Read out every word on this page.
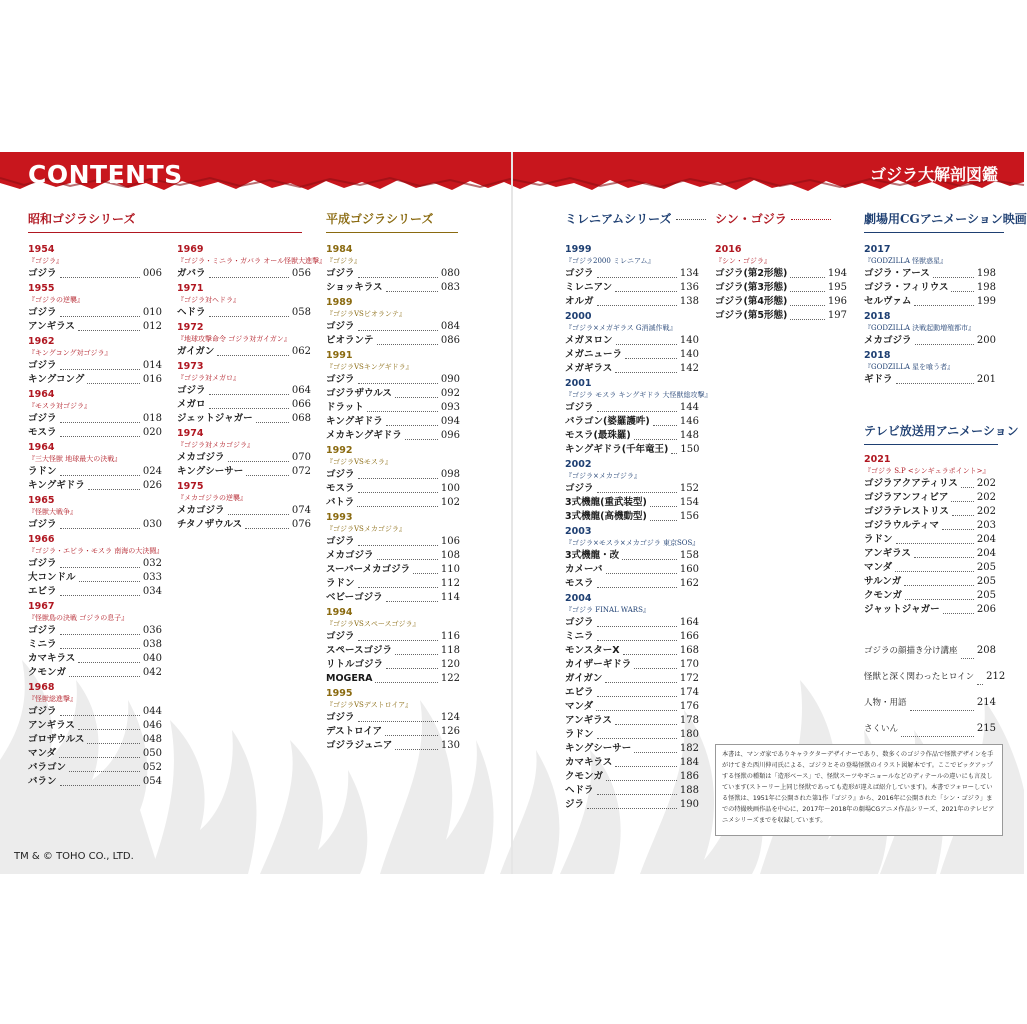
CONTENTS	ゴジラ大解剖図鑑
昭和ゴジラシリーズ	平成ゴジラシリーズ	ミレニアムシリーズ	シン・ゴジラ	劇場用CGアニメーション映画
テレビ放送用アニメーション
1954
『ゴジラ』
ゴジラ	006
1955
『ゴジラの逆襲』
ゴジラ	010
アンギラス	012
1962
『キングコング対ゴジラ』
ゴジラ	014
キングコング	016
1964
『モスラ対ゴジラ』
ゴジラ	018
モスラ	020
1964
『三大怪獣 地球最大の決戦』
ラドン	024
キングギドラ	026
1965
『怪獣大戦争』
ゴジラ	030
1966
『ゴジラ・エビラ・モスラ 南海の大決闘』
ゴジラ	032
大コンドル	033
エビラ	034
1967
『怪獣島の決戦 ゴジラの息子』
ゴジラ	036
ミニラ	038
カマキラス	040
クモンガ	042
1968
『怪獣総進撃』
ゴジラ	044
アンギラス	046
ゴロザウルス	048
マンダ	050
バラゴン	052
バラン	054
1969
『ゴジラ・ミニラ・ガバラ オール怪獣大進撃』
ガバラ	056
1971
『ゴジラ対ヘドラ』
ヘドラ	058
1972
『地球攻撃命令 ゴジラ対ガイガン』
ガイガン	062
1973
『ゴジラ対メガロ』
ゴジラ	064
メガロ	066
ジェットジャガー	068
1974
『ゴジラ対メカゴジラ』
メカゴジラ	070
キングシーサー	072
1975
『メカゴジラの逆襲』
メカゴジラ	074
チタノザウルス	076
1984
『ゴジラ』
ゴジラ	080
ショッキラス	083
1989
『ゴジラVSビオランテ』
ゴジラ	084
ビオランテ	086
1991
『ゴジラVSキングギドラ』
ゴジラ	090
ゴジラザウルス	092
ドラット	093
キングギドラ	094
メカキングギドラ	096
1992
『ゴジラVSモスラ』
ゴジラ	098
モスラ	100
バトラ	102
1993
『ゴジラVSメカゴジラ』
ゴジラ	106
メカゴジラ	108
スーパーメカゴジラ	110
ラドン	112
ベビーゴジラ	114
1994
『ゴジラVSスペースゴジラ』
ゴジラ	116
スペースゴジラ	118
リトルゴジラ	120
MOGERA	122
1995
『ゴジラVSデストロイア』
ゴジラ	124
デストロイア	126
ゴジラジュニア	130
1999
『ゴジラ2000 ミレニアム』
ゴジラ	134
ミレニアン	136
オルガ	138
2000
『ゴジラ×メガギラス G消滅作戦』
メガヌロン	140
メガニューラ	140
メガギラス	142
2001
『ゴジラ モスラ キングギドラ 大怪獣総攻撃』
ゴジラ	144
バラゴン(婆羅護吽)	146
モスラ(最珠羅)	148
キングギドラ(千年竜王) 150
2002
『ゴジラ×メカゴジラ』
ゴジラ	152
3式機龍(重武装型)	154
3式機龍(高機動型)	156
2003
『ゴジラ×モスラ×メカゴジラ 東京SOS』
3式機龍・改	158
カメーバ	160
モスラ	162
2004
『ゴジラ FINAL WARS』
ゴジラ	164
ミニラ	166
モンスターX	168
カイザーギドラ	170
ガイガン	172
エビラ	174
マンダ	176
アンギラス	178
ラドン	180
キングシーサー	182
カマキラス	184
クモンガ	186
ヘドラ	188
ジラ	190
2016
『シン・ゴジラ』
ゴジラ(第2形態)	194
ゴジラ(第3形態)	195
ゴジラ(第4形態)	196
ゴジラ(第5形態)	197
2017
『GODZILLA 怪獣惑星』
ゴジラ・アース	198
ゴジラ・フィリウス	198
セルヴァム	199
2018
『GODZILLA 決戦起動増殖都市』
メカゴジラ	200
2018
『GODZILLA 星を喰う者』
ギドラ	201
2021
『ゴジラ S.P <シンギュラポイント>』
ゴジラアクアティリス 202
ゴジラアンフィビア	202
ゴジラテレストリス	202
ゴジラウルティマ	203
ラドン	204
アンギラス	204
マンダ	205
サルンガ	205
クモンガ	205
ジャットジャガー	206
ゴジラの顔描き分け講座 208
怪獣と深く関わったヒロイン 212
人物・用語	214
さくいん	215
本書は、マンガ家でありキャラクターデザイナーであり、数多くのゴジラ作品で怪獣デザインを手がけてきた西川伸司氏による、ゴジラとその登場怪獣のイラスト図解本です。ここでピックアップする怪獣の種類は「造形ベース」で、怪獣スーツやギニョールなどのディテールの違いにも言及しています(ストーリー上同じ怪獣であっても造形が違えば紹介しています)。本書でフォローしている怪獣は、1951年に公開された第1作『ゴジラ』から、2016年に公開された「シン・ゴジラ」までの特撮映画作品を中心に、2017年〜2018年の劇場CGアニメ作品シリーズ、2021年のテレビアニメシリーズまでを収録しています。
TM & © TOHO CO., LTD.
